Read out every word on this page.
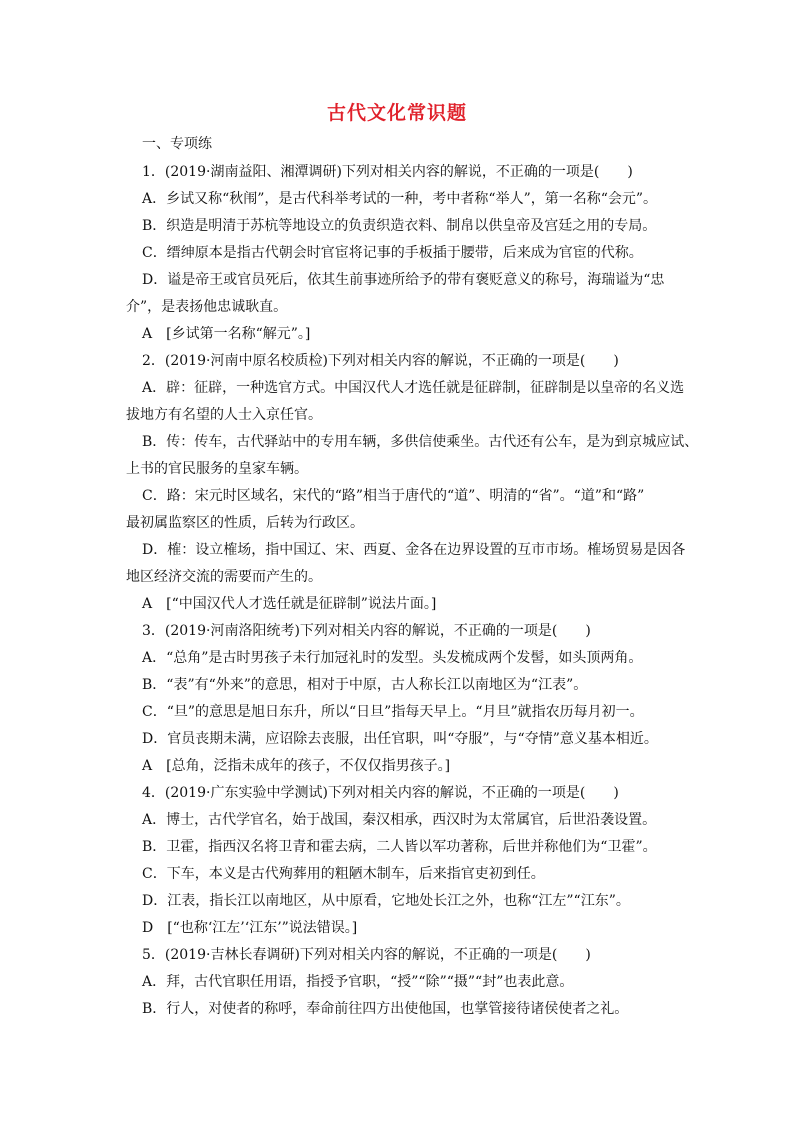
古代文化常识题
一、专项练
1．(2019·湖南益阳、湘潭调研)下列对相关内容的解说，不正确的一项是(　　)
A．乡试又称“秋闱”，是古代科举考试的一种，考中者称“举人”，第一名称“会元”。
B．织造是明清于苏杭等地设立的负责织造衣料、制帛以供皇帝及宫廷之用的专局。
C．缙绅原本是指古代朝会时官宦将记事的手板插于腰带，后来成为官宦的代称。
D．谥是帝王或官员死后，依其生前事迹所给予的带有褒贬意义的称号，海瑞谥为“忠
介”，是表扬他忠诚耿直。
A　[乡试第一名称“解元”。]
2．(2019·河南中原名校质检)下列对相关内容的解说，不正确的一项是(　　)
A．辟：征辟，一种选官方式。中国汉代人才选任就是征辟制，征辟制是以皇帝的名义选
拔地方有名望的人士入京任官。
B．传：传车，古代驿站中的专用车辆，多供信使乘坐。古代还有公车，是为到京城应试、
上书的官民服务的皇家车辆。
C．路：宋元时区域名，宋代的“路”相当于唐代的“道”、明清的“省”。“道”和“路”
最初属监察区的性质，后转为行政区。
D．榷：设立榷场，指中国辽、宋、西夏、金各在边界设置的互市市场。榷场贸易是因各
地区经济交流的需要而产生的。
A　[“中国汉代人才选任就是征辟制”说法片面。]
3．(2019·河南洛阳统考)下列对相关内容的解说，不正确的一项是(　　)
A．“总角”是古时男孩子未行加冠礼时的发型。头发梳成两个发髻，如头顶两角。
B．“表”有“外来”的意思，相对于中原，古人称长江以南地区为“江表”。
C．“旦”的意思是旭日东升，所以“日旦”指每天早上。“月旦”就指农历每月初一。
D．官员丧期未满，应诏除去丧服，出任官职，叫“夺服”，与“夺情”意义基本相近。
A　[总角，泛指未成年的孩子，不仅仅指男孩子。]
4．(2019·广东实验中学测试)下列对相关内容的解说，不正确的一项是(　　)
A．博士，古代学官名，始于战国，秦汉相承，西汉时为太常属官，后世沿袭设置。
B．卫霍，指西汉名将卫青和霍去病，二人皆以军功著称，后世并称他们为“卫霍”。
C．下车，本义是古代殉葬用的粗陋木制车，后来指官吏初到任。
D．江表，指长江以南地区，从中原看，它地处长江之外，也称“江左”“江东”。
D　[“也称‘江左’‘江东’”说法错误。]
5．(2019·吉林长春调研)下列对相关内容的解说，不正确的一项是(　　)
A．拜，古代官职任用语，指授予官职，“授”“除”“摄”“封”也表此意。
B．行人，对使者的称呼，奉命前往四方出使他国，也掌管接待诸侯使者之礼。
